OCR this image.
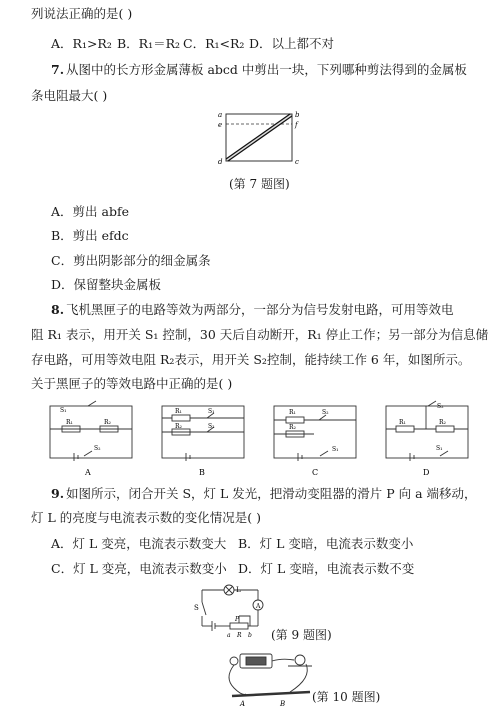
列说法正确的是( )
A．R₁>R₂ B．R₁＝R₂ C．R₁<R₂ D．以上都不对
7. 从图中的长方形金属薄板 abcd 中剪出一块，下列哪种剪法得到的金属板
条电阻最大( )
a	b
e	f
d	c
(第 7 题图)
A．剪出 abfe
B．剪出 efdc
C．剪出阴影部分的细金属条
D．保留整块金属板
8. 飞机黑匣子的电路等效为两部分，一部分为信号发射电路，可用等效电
阻 R₁ 表示，用开关 S₁ 控制，30 天后自动断开，R₁ 停止工作；另一部分为信息储
存电路，可用等效电阻 R₂表示，用开关 S₂控制，能持续工作 6 年，如图所示。
关于黑匣子的等效电路中正确的是( )
S₁
R₁	R₂
S₂
A
R₁	S₁
R₂	S₂
B
R₁	S₂
R₂
S₁
C
S₂
R₁	R₂
S₁
D
9. 如图所示，闭合开关 S，灯 L 发光，把滑动变阻器的滑片 P 向 a 端移动，
灯 L 的亮度与电流表示数的变化情况是( )
A．灯 L 变亮，电流表示数变大 B．灯 L 变暗，电流表示数变小
C．灯 L 变亮，电流表示数变小 D．灯 L 变暗，电流表示数不变
A
L
S
P
a R b (第 9 题图)
A	B (第 10 题图)
